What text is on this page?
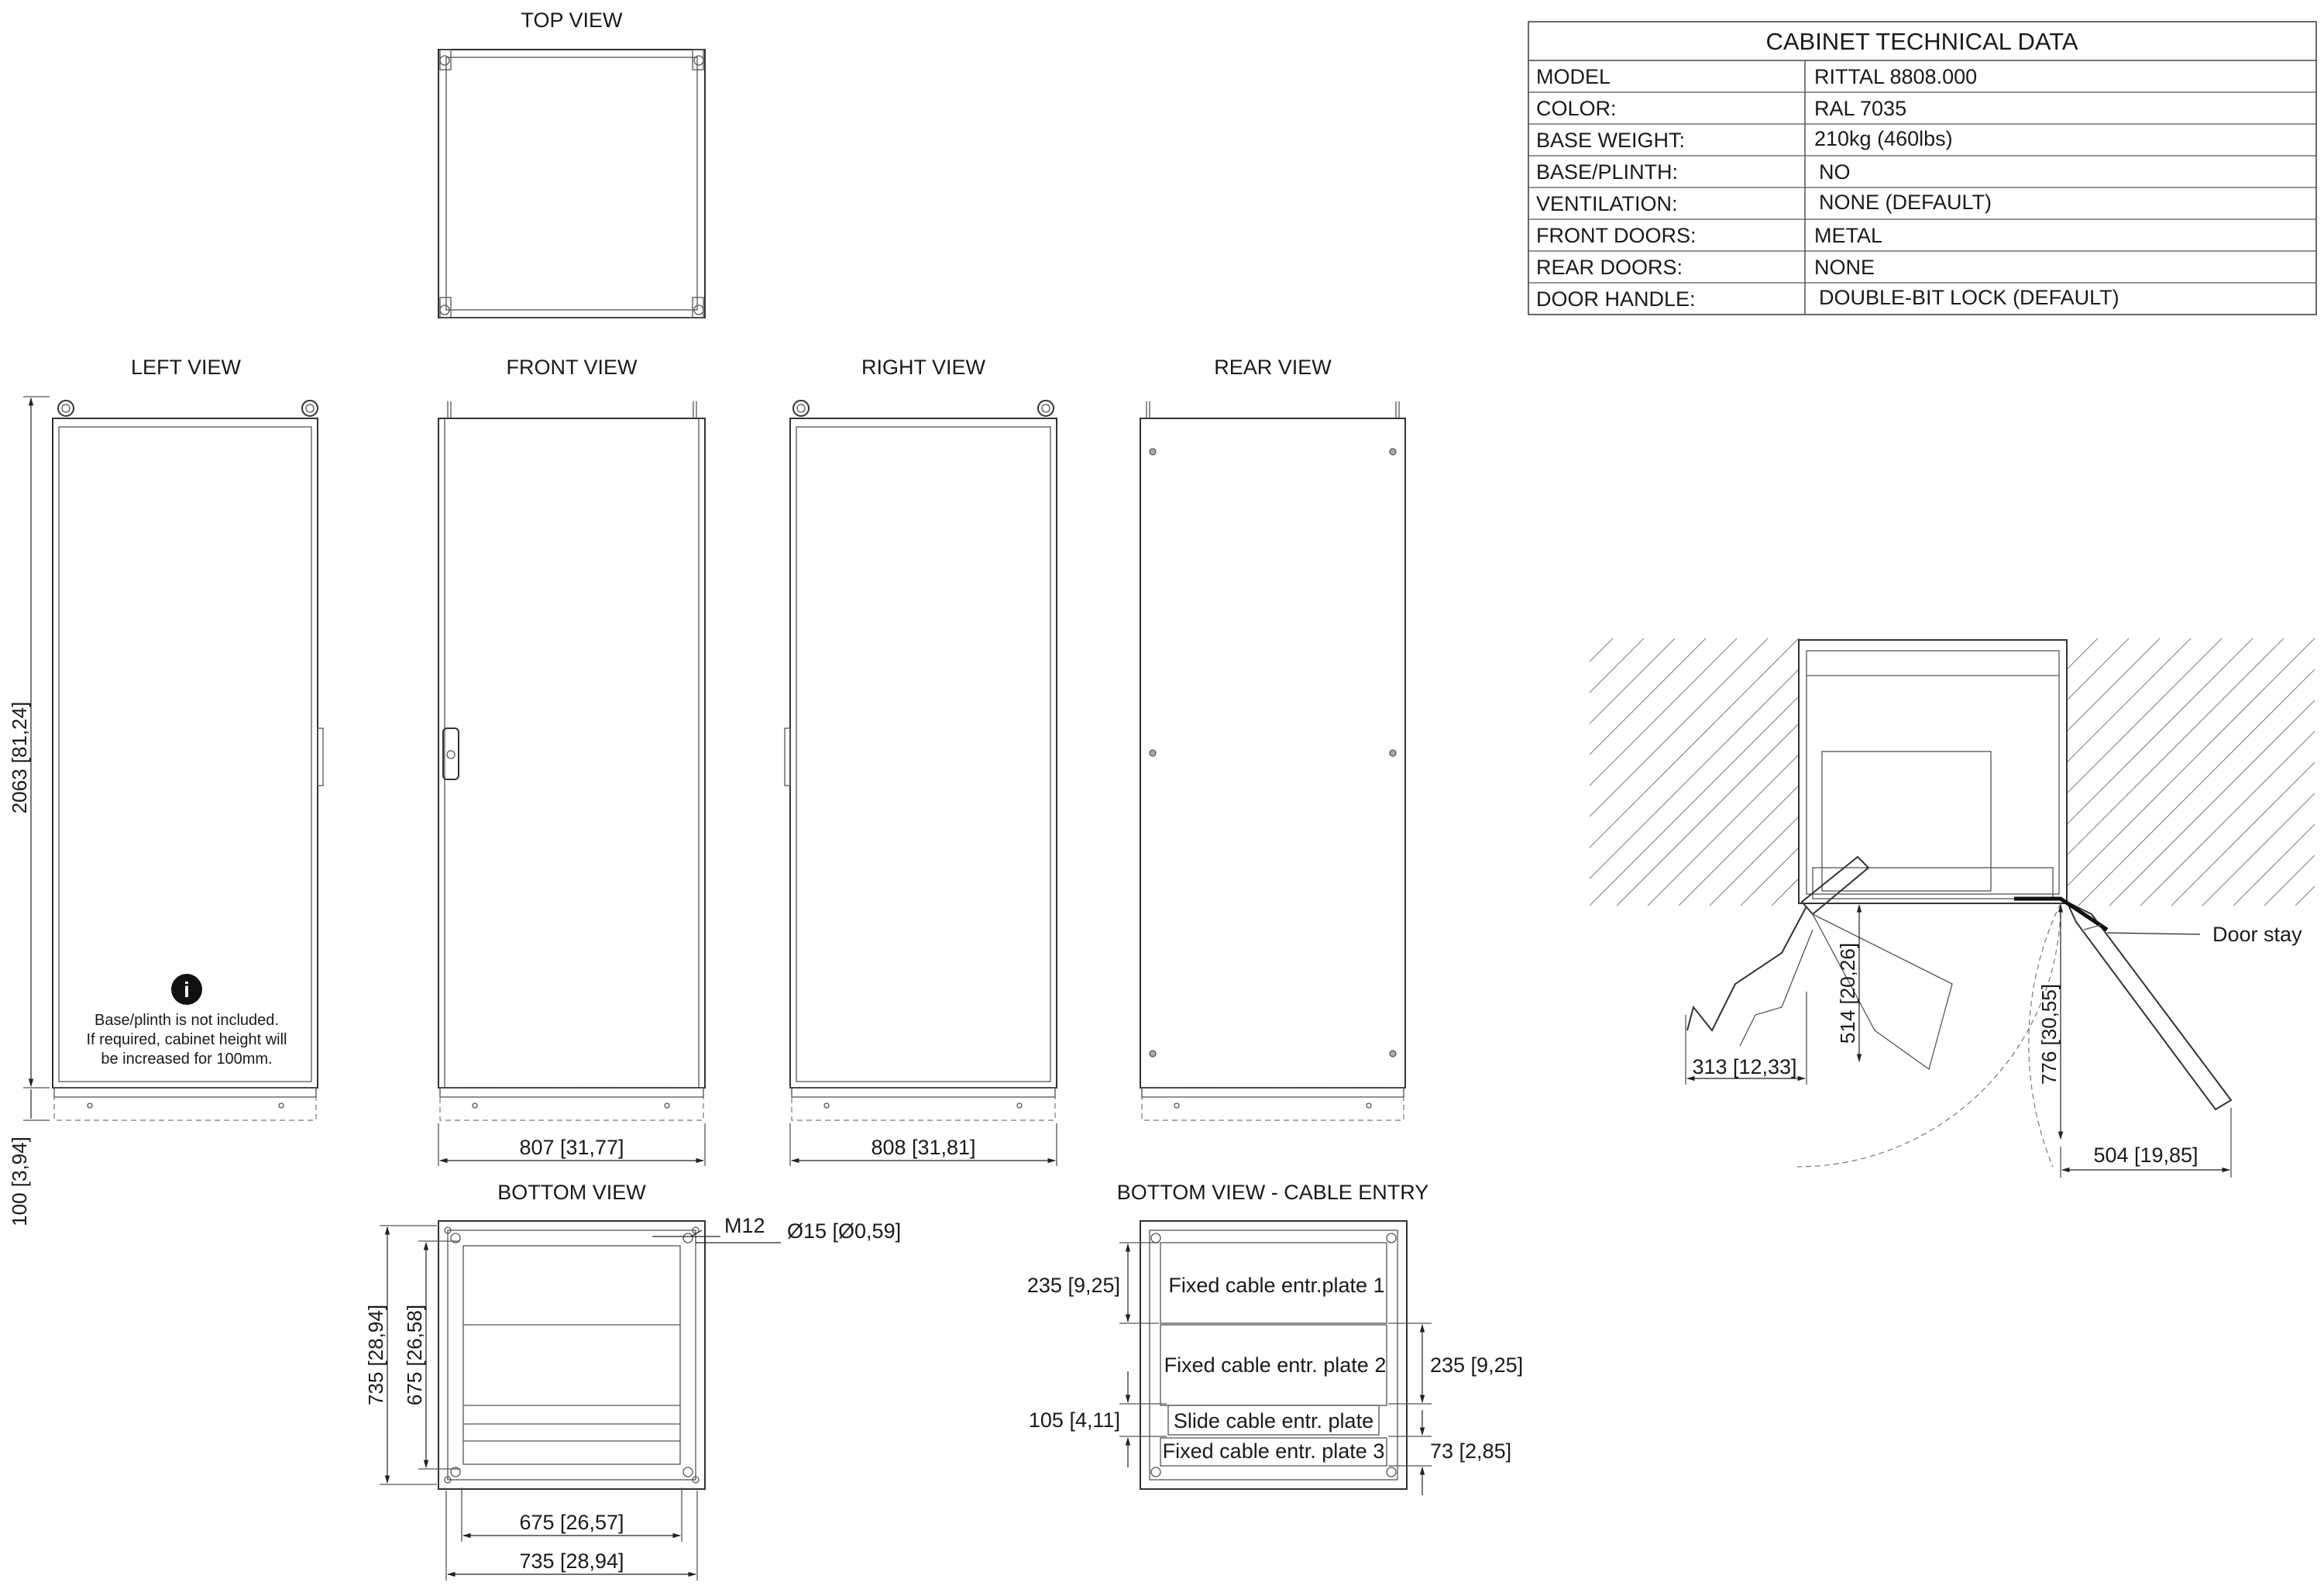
CABINET TECHNICAL DATA
MODEL	RITTAL 8808.000
COLOR:	RAL 7035
BASE WEIGHT:	210kg (460lbs)
BASE/PLINTH:	NO
VENTILATION:	NONE (DEFAULT)
FRONT DOORS:	METAL
REAR DOORS:	NONE
DOOR HANDLE:	DOUBLE-BIT LOCK (DEFAULT)
TOP VIEW
LEFT VIEW	FRONT VIEW	RIGHT VIEW	REAR VIEW
BOTTOM VIEW	BOTTOM VIEW - CABLE ENTRY
i
Base/plinth is not included.
If required, cabinet height will
be increased for 100mm.
2063 [81,24]
100 [3,94]	807 [31,77]	808 [31,81]
M12 Ø15 [Ø0,59]
735 [28,94] 675 [26,58]
675 [26,57]
735 [28,94]
Fixed cable entr.plate 1
Fixed cable entr. plate 2
Slide cable entr. plate
Fixed cable entr. plate 3
235 [9,25]
105 [4,11]
235 [9,25]
73 [2,85]
Door stay
313 [12,33]
514 [20,26]	776 [30,55]
504 [19,85]
